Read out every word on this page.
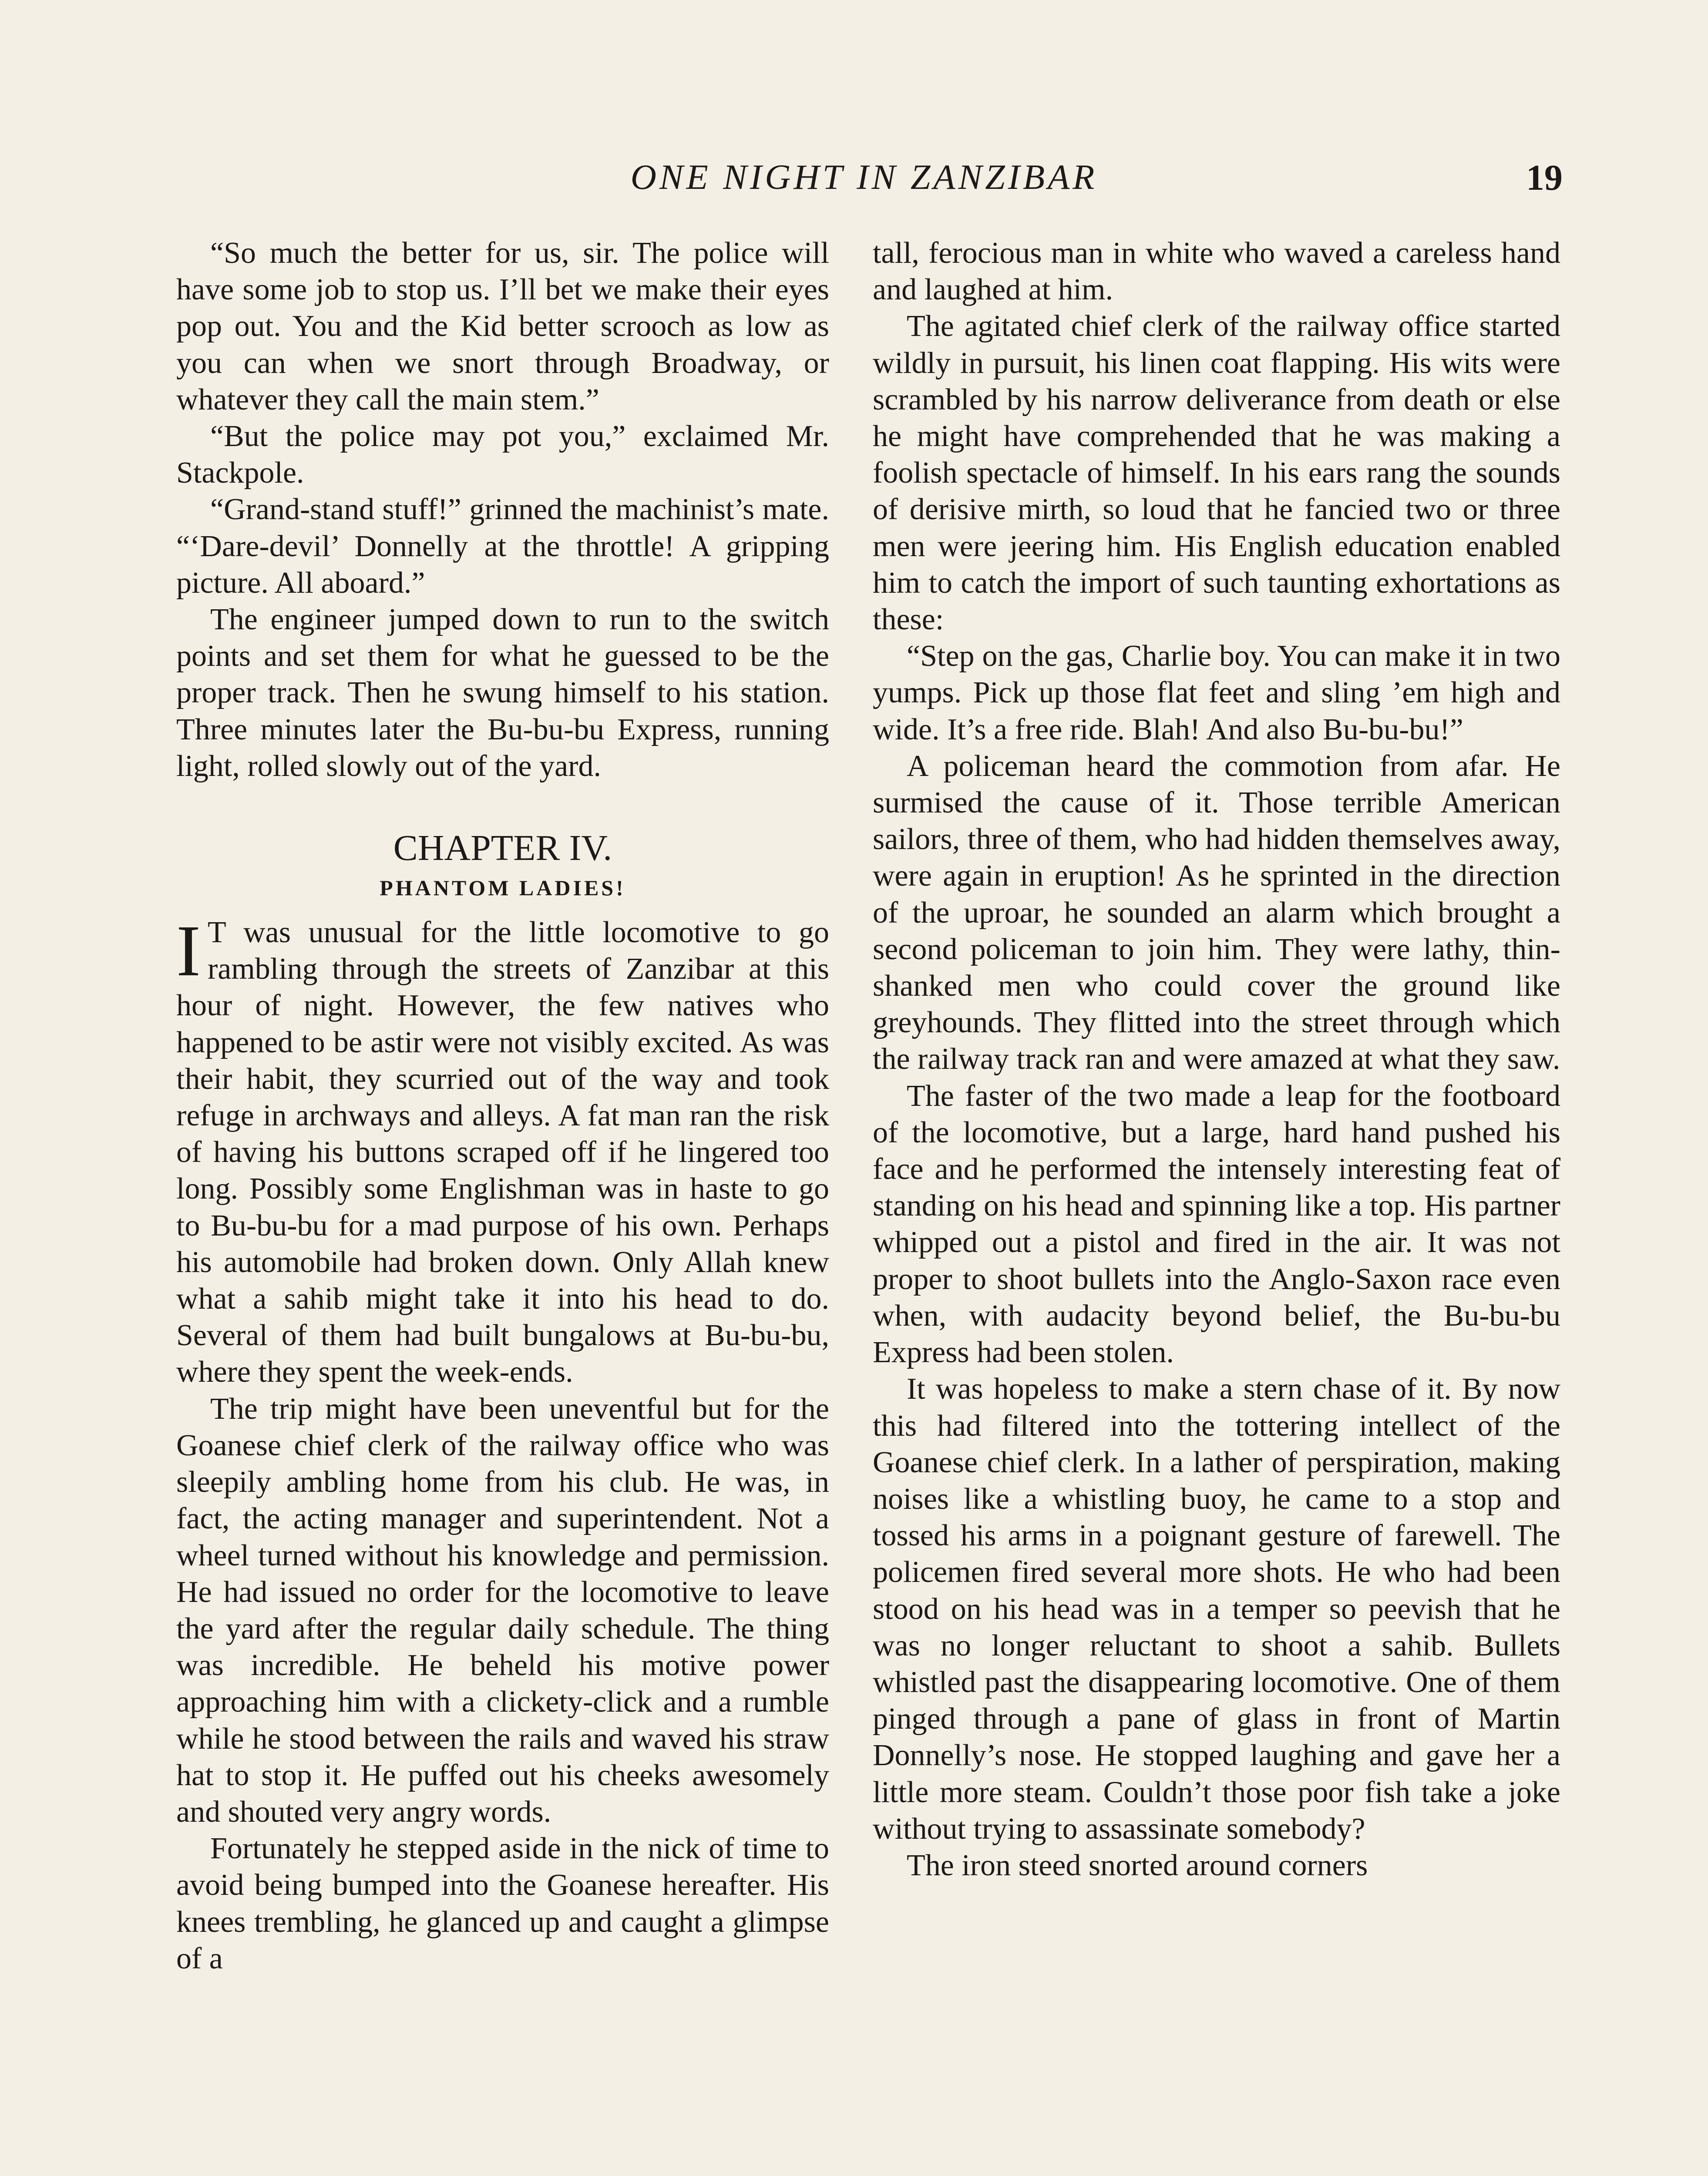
ONE NIGHT IN ZANZIBAR	19

“So much the better for us, sir. The police will have some job to stop us. I’ll bet we make their eyes pop out. You and the Kid better scrooch as low as you can when we snort through Broadway, or whatever they call the main stem.”

“But the police may pot you,” exclaimed Mr. Stackpole.

“Grand-stand stuff!” grinned the machinist’s mate. “‘Dare-devil’ Donnelly at the throttle! A gripping picture. All aboard.”

The engineer jumped down to run to the switch points and set them for what he guessed to be the proper track. Then he swung himself to his station. Three minutes later the Bu-bu-bu Express, running light, rolled slowly out of the yard.

CHAPTER IV.
PHANTOM LADIES!

I T was unusual for the little locomotive to go rambling through the streets of Zanzibar at this hour of night. However, the few natives who happened to be astir were not visibly excited. As was their habit, they scurried out of the way and took refuge in archways and alleys. A fat man ran the risk of having his buttons scraped off if he lingered too long. Possibly some Englishman was in haste to go to Bu-bu-bu for a mad purpose of his own. Perhaps his automobile had broken down. Only Allah knew what a sahib might take it into his head to do. Several of them had built bungalows at Bu-bu-bu, where they spent the week-ends.

The trip might have been uneventful but for the Goanese chief clerk of the railway office who was sleepily ambling home from his club. He was, in fact, the acting manager and superintendent. Not a wheel turned without his knowledge and permission. He had issued no order for the locomotive to leave the yard after the regular daily schedule. The thing was incredible. He beheld his motive power approaching him with a clickety-click and a rumble while he stood between the rails and waved his straw hat to stop it. He puffed out his cheeks awesomely and shouted very angry words.

Fortunately he stepped aside in the nick of time to avoid being bumped into the Goanese hereafter. His knees trembling, he glanced up and caught a glimpse of a

tall, ferocious man in white who waved a careless hand and laughed at him.

The agitated chief clerk of the railway office started wildly in pursuit, his linen coat flapping. His wits were scrambled by his narrow deliverance from death or else he might have comprehended that he was making a foolish spectacle of himself. In his ears rang the sounds of derisive mirth, so loud that he fancied two or three men were jeering him. His English education enabled him to catch the import of such taunting exhortations as these:

“Step on the gas, Charlie boy. You can make it in two yumps. Pick up those flat feet and sling ’em high and wide. It’s a free ride. Blah! And also Bu-bu-bu!”

A policeman heard the commotion from afar. He surmised the cause of it. Those terrible American sailors, three of them, who had hidden themselves away, were again in eruption! As he sprinted in the direction of the uproar, he sounded an alarm which brought a second policeman to join him. They were lathy, thin-shanked men who could cover the ground like greyhounds. They flitted into the street through which the railway track ran and were amazed at what they saw.

The faster of the two made a leap for the footboard of the locomotive, but a large, hard hand pushed his face and he performed the intensely interesting feat of standing on his head and spinning like a top. His partner whipped out a pistol and fired in the air. It was not proper to shoot bullets into the Anglo-Saxon race even when, with audacity beyond belief, the Bu-bu-bu Express had been stolen.

It was hopeless to make a stern chase of it. By now this had filtered into the tottering intellect of the Goanese chief clerk. In a lather of perspiration, making noises like a whistling buoy, he came to a stop and tossed his arms in a poignant gesture of farewell. The policemen fired several more shots. He who had been stood on his head was in a temper so peevish that he was no longer reluctant to shoot a sahib. Bullets whistled past the disappearing locomotive. One of them pinged through a pane of glass in front of Martin Donnelly’s nose. He stopped laughing and gave her a little more steam. Couldn’t those poor fish take a joke without trying to assassinate somebody?

The iron steed snorted around corners
